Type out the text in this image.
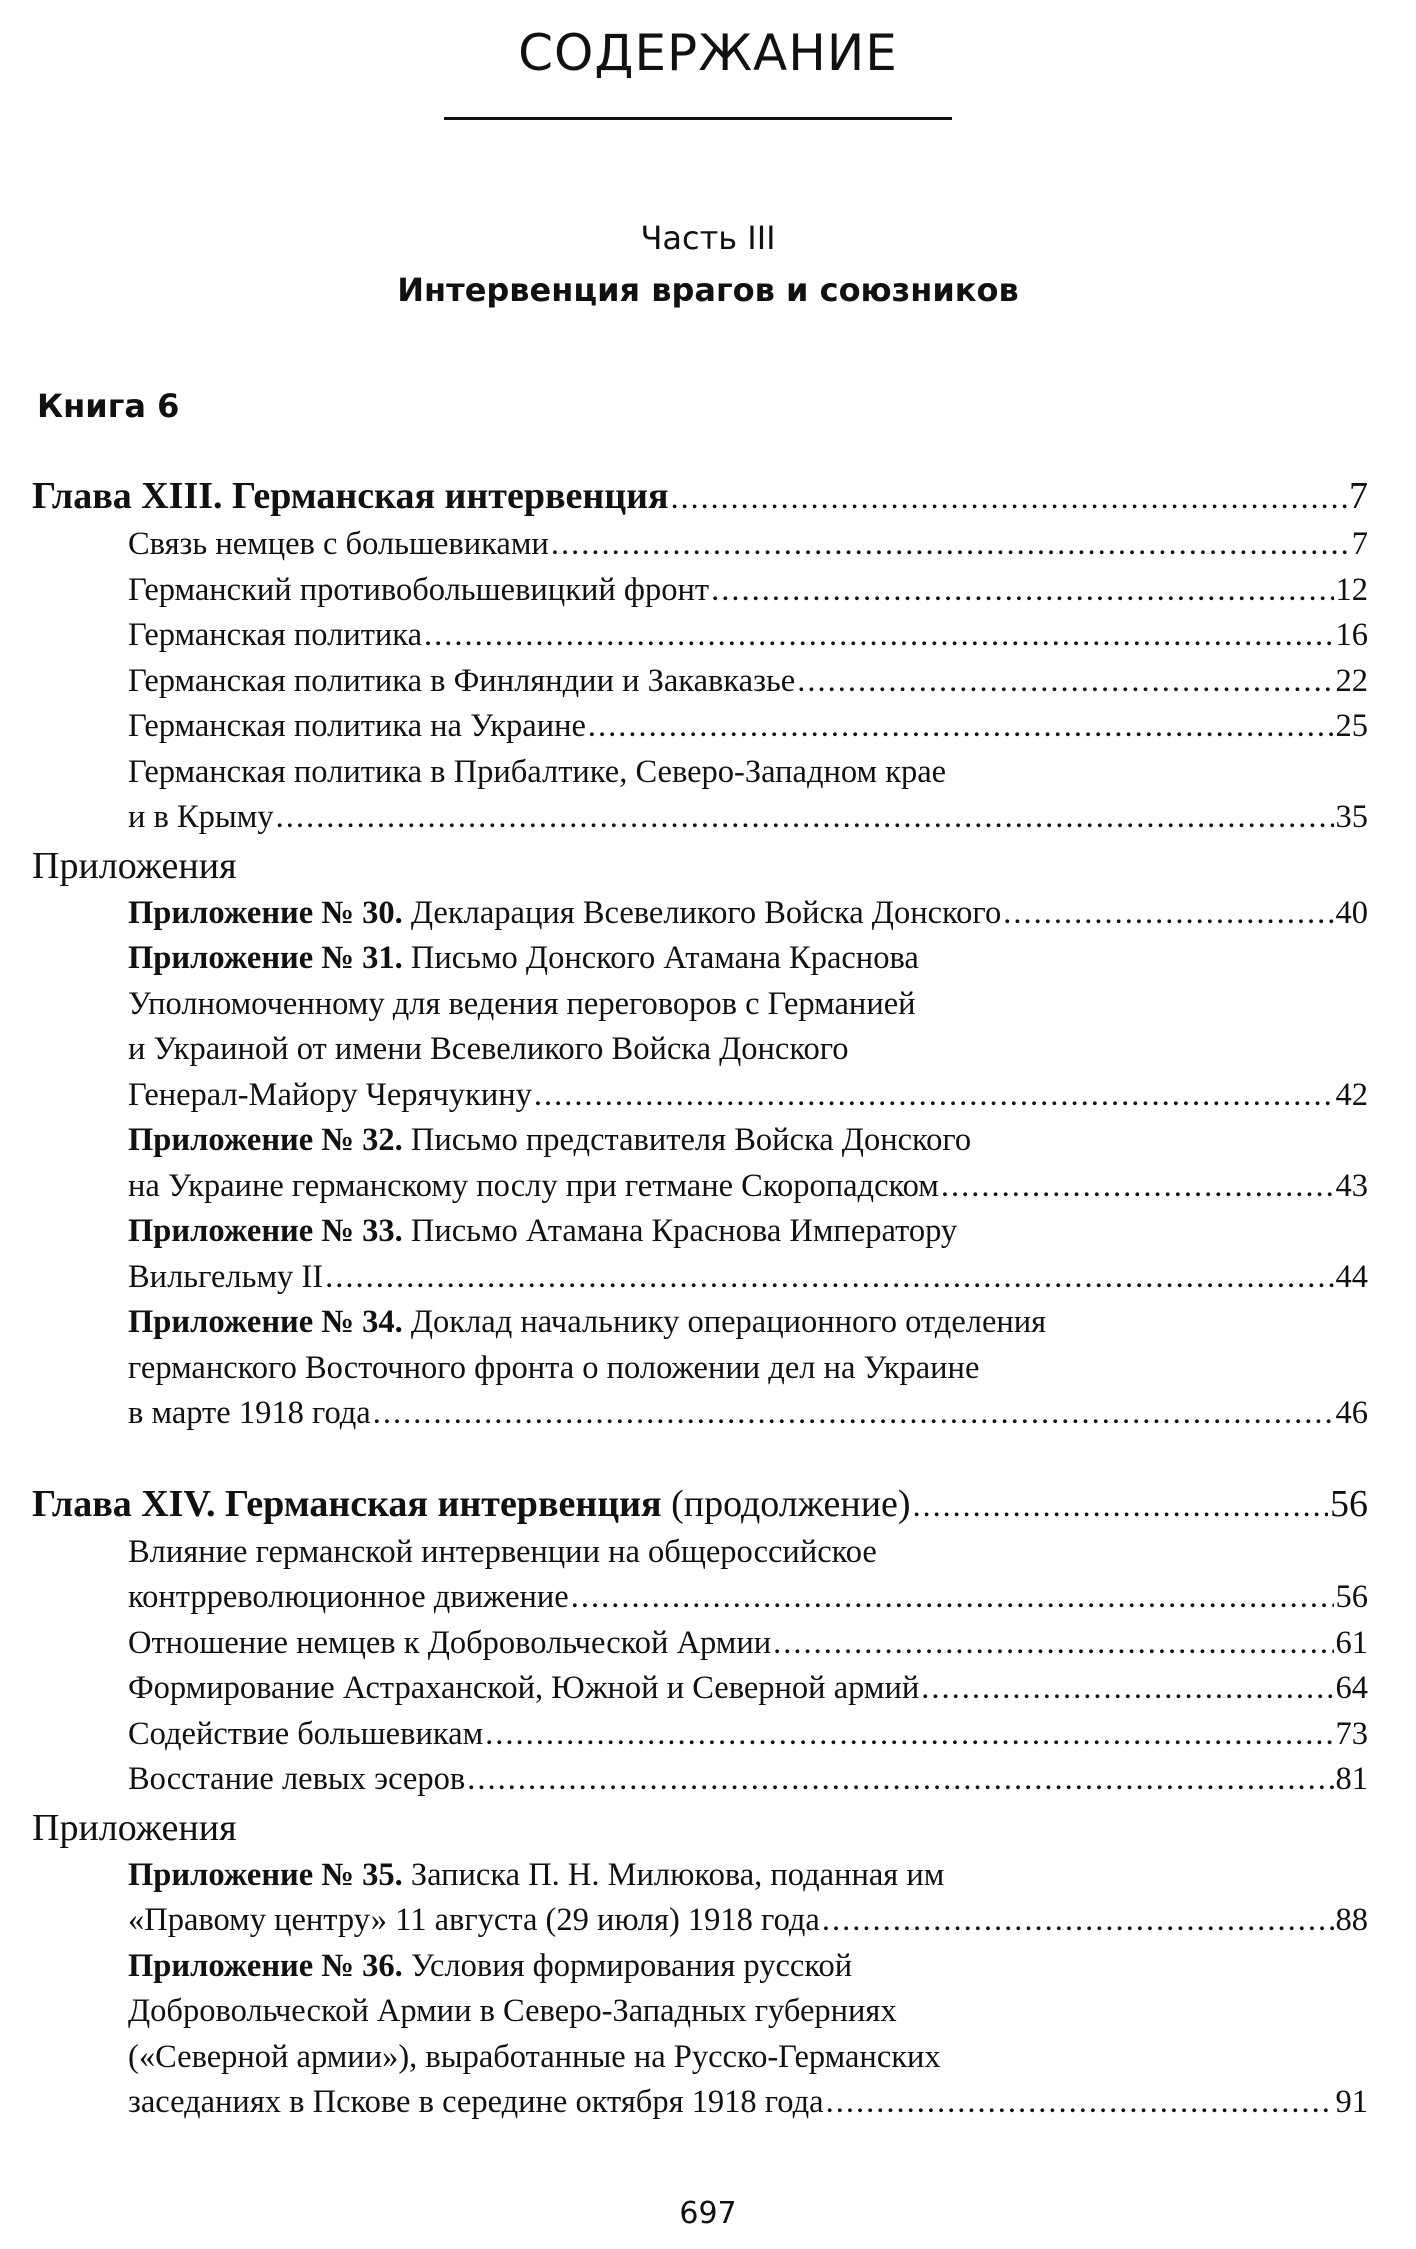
СОДЕРЖАНИЕ
Часть III
Интервенция врагов и союзников
Книга 6
Глава XIII. Германская интервенция .....	7
Связь немцев с большевиками .....	7
Германский противобольшевицкий фронт .....	12
Германская политика .....	16
Германская политика в Финляндии и Закавказье .....	22
Германская политика на Украине .....	25
Германская политика в Прибалтике, Северо-Западном крае
и в Крыму .....	35
Приложения
Приложение № 30. Декларация Всевеликого Войска Донского .....	40
Приложение № 31. Письмо Донского Атамана Краснова
Уполномоченному для ведения переговоров с Германией
и Украиной от имени Всевеликого Войска Донского
Генерал-Майору Черячукину .....	42
Приложение № 32. Письмо представителя Войска Донского
на Украине германскому послу при гетмане Скоропадском .....	43
Приложение № 33. Письмо Атамана Краснова Императору
Вильгельму II .....	44
Приложение № 34. Доклад начальнику операционного отделения
германского Восточного фронта о положении дел на Украине
в марте 1918 года .....	46
Глава XIV. Германская интервенция (продолжение) .....	56
Влияние германской интервенции на общероссийское
контрреволюционное движение .....	56
Отношение немцев к Добровольческой Армии .....	61
Формирование Астраханской, Южной и Северной армий .....	64
Содействие большевикам .....	73
Восстание левых эсеров .....	81
Приложения
Приложение № 35. Записка П. Н. Милюкова, поданная им
«Правому центру» 11 августа (29 июля) 1918 года .....	88
Приложение № 36. Условия формирования русской
Добровольческой Армии в Северо-Западных губерниях
(«Северной армии»), выработанные на Русско-Германских
заседаниях в Пскове в середине октября 1918 года .....	91
697
